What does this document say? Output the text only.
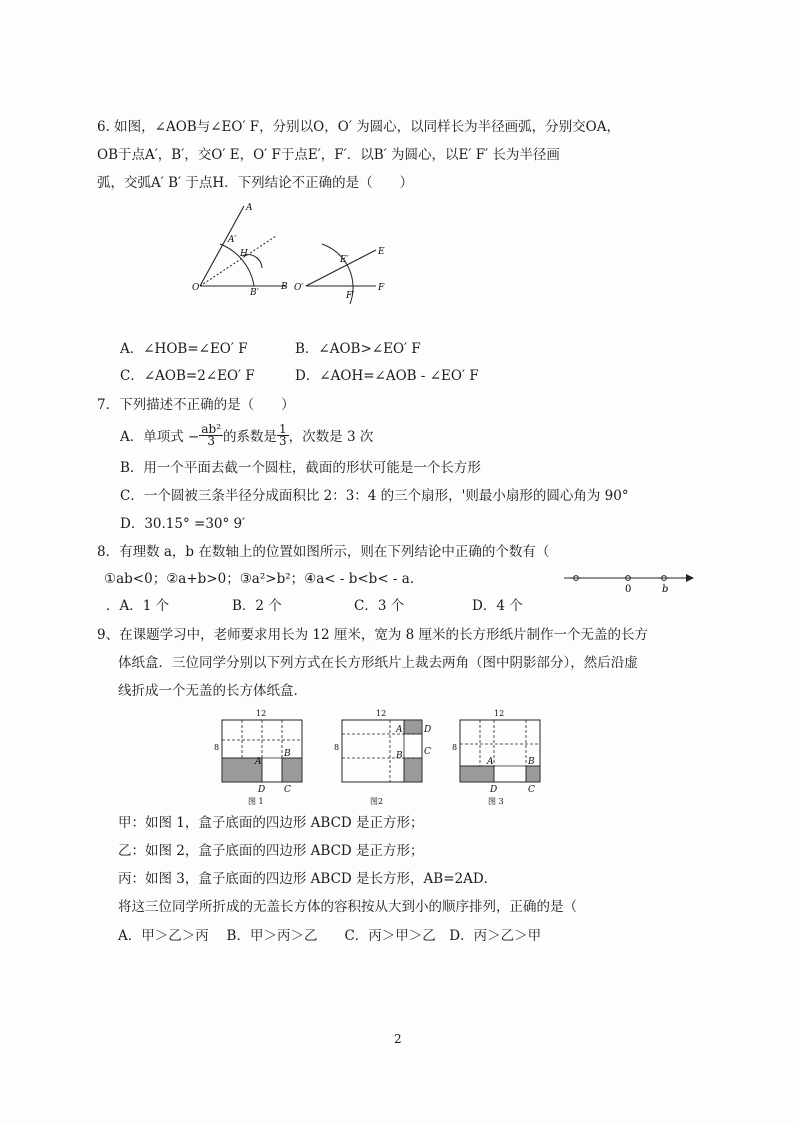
6. 如图，∠AOB与∠EO′ F，分别以O，O′ 为圆心，以同样长为半径画弧，分别交OA，
OB于点A′，B′，交O′ E，O′ F于点E′，F′．以B′ 为圆心，以E′ F′ 长为半径画
弧，交弧A′ B′ 于点H．下列结论不正确的是（　　）
A
A′
H
O	B′
B O′
E′
E
F′
F
A．∠HOB=∠EO′ F	B．∠AOB>∠EO′ F
C．∠AOB=2∠EO′ F	D．∠AOH=∠AOB - ∠EO′ F
7．下列描述不正确的是（　　）
A．单项式 − $\frac{\text{ab²}}{3}$ 的系数是 $\frac{1}{3}$ ，次数是 3 次
B．用一个平面去截一个圆柱，截面的形状可能是一个长方形
C．一个圆被三条半径分成面积比 2：3：4 的三个扇形，'则最小扇形的圆心角为 90°
D．30.15° =30° 9′
8．有理数 a，b 在数轴上的位置如图所示，则在下列结论中正确的个数有（
①ab<0；②a+b>0；③a²>b²；④a< - b<b< - a.
0	b
．A．1 个	B．2 个	C．3 个	D．4 个
9、在课题学习中，老师要求用长为 12 厘米，宽为 8 厘米的长方形纸片制作一个无盖的长方
体纸盒．三位同学分别以下列方式在长方形纸片上裁去两角（图中阴影部分），然后沿虚
线折成一个无盖的长方体纸盒．
12
8
A
B
C
D
图 1
12
8
A
B C
D
图2
12
8
A	B
C
D
图 3
甲：如图 1，盒子底面的四边形 ABCD 是正方形；
乙：如图 2，盒子底面的四边形 ABCD 是正方形；
丙：如图 3，盒子底面的四边形 ABCD 是长方形，AB=2AD．
将这三位同学所折成的无盖长方体的容积按从大到小的顺序排列，正确的是（
A．甲＞乙＞丙　 B．甲＞丙＞乙　　C．丙＞甲＞乙　D．丙＞乙＞甲
2
